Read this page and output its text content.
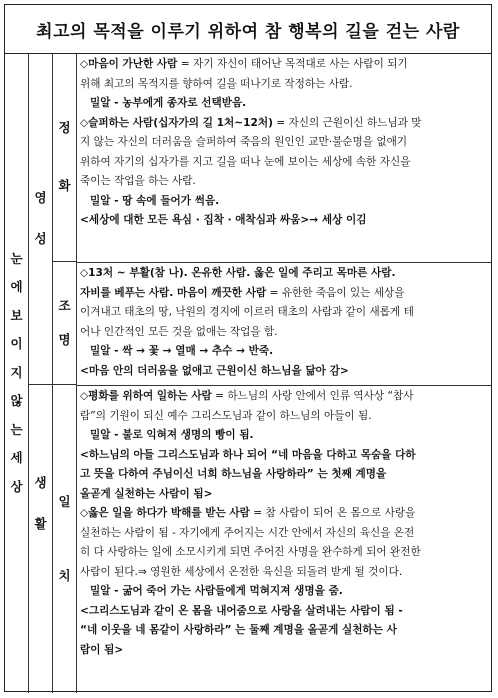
최고의 목적을 이루기 위하여 참 행복의 길을 걷는 사람
눈
에
보
이
지
않
는
세
상
영
성
생
활
정
화
조
명
일
치

◇마음이 가난한 사람 = 자기 자신이 태어난 목적대로 사는 사람이 되기

위해 최고의 목적지를 향하여 길을 떠나기로 작정하는 사람.

밀알 - 농부에게 종자로 선택받음.

◇슬퍼하는 사람(십자가의 길 1처~12처) = 자신의 근원이신 하느님과 맞

지 않는 자신의 더러움을 슬퍼하여 죽음의 원인인 교만·불순명을 없애기

위하여 자기의 십자가를 지고 길을 떠나 눈에 보이는 세상에 속한 자신을

죽이는 작업을 하는 사람.

밀알 - 땅 속에 들어가 썩음.

<세상에 대한 모든 욕심 · 집착 · 애착심과 싸움>→ 세상 이김

◇13처 ~ 부활(참 나). 온유한 사람. 옳은 일에 주리고 목마른 사람.

자비를 베푸는 사람. 마음이 깨끗한 사람 = 유한한 죽음이 있는 세상을

이겨내고 태초의 땅, 낙원의 경지에 이르러 태초의 사람과 같이 새롭게 테

어나 인간적인 모든 것을 없애는 작업을 함.

밀알 - 싹 → 꽃 → 열매 → 추수 → 반죽.

<마음 안의 더러움을 없애고 근원이신 하느님을 닮아 감>

◇평화를 위하여 일하는 사람 = 하느님의 사랑 안에서 인류 역사상 “참사

람”의 기원이 되신 예수 그리스도님과 같이 하느님의 아들이 됨.

밀알 - 불로 익혀져 생명의 빵이 됨.

<하느님의 아들 그리스도님과 하나 되어 “네 마음을 다하고 목숨을 다하

고 뜻을 다하여 주님이신 너희 하느님을 사랑하라” 는 첫째 계명을

올곧게 실천하는 사람이 됨>

◇옳은 일을 하다가 박해를 받는 사람 = 참 사람이 되어 온 몸으로 사랑을

실천하는 사람이 됨 - 자기에게 주어지는 시간 안에서 자신의 육신을 온전

히 다 사랑하는 일에 소모시키게 되면 주어진 사명을 완수하게 되어 완전한

사람이 된다.⇒ 영원한 세상에서 온전한 육신을 되돌려 받게 될 것이다.

밀알 - 굶어 죽어 가는 사람들에게 먹혀지져 생명을 줌.

<그리스도님과 같이 온 몸을 내어줌으로 사랑을 살려내는 사람이 됨 -

“네 이웃을 네 몸같이 사랑하라” 는 둘째 계명을 올곧게 실천하는 사

람이 됨>
